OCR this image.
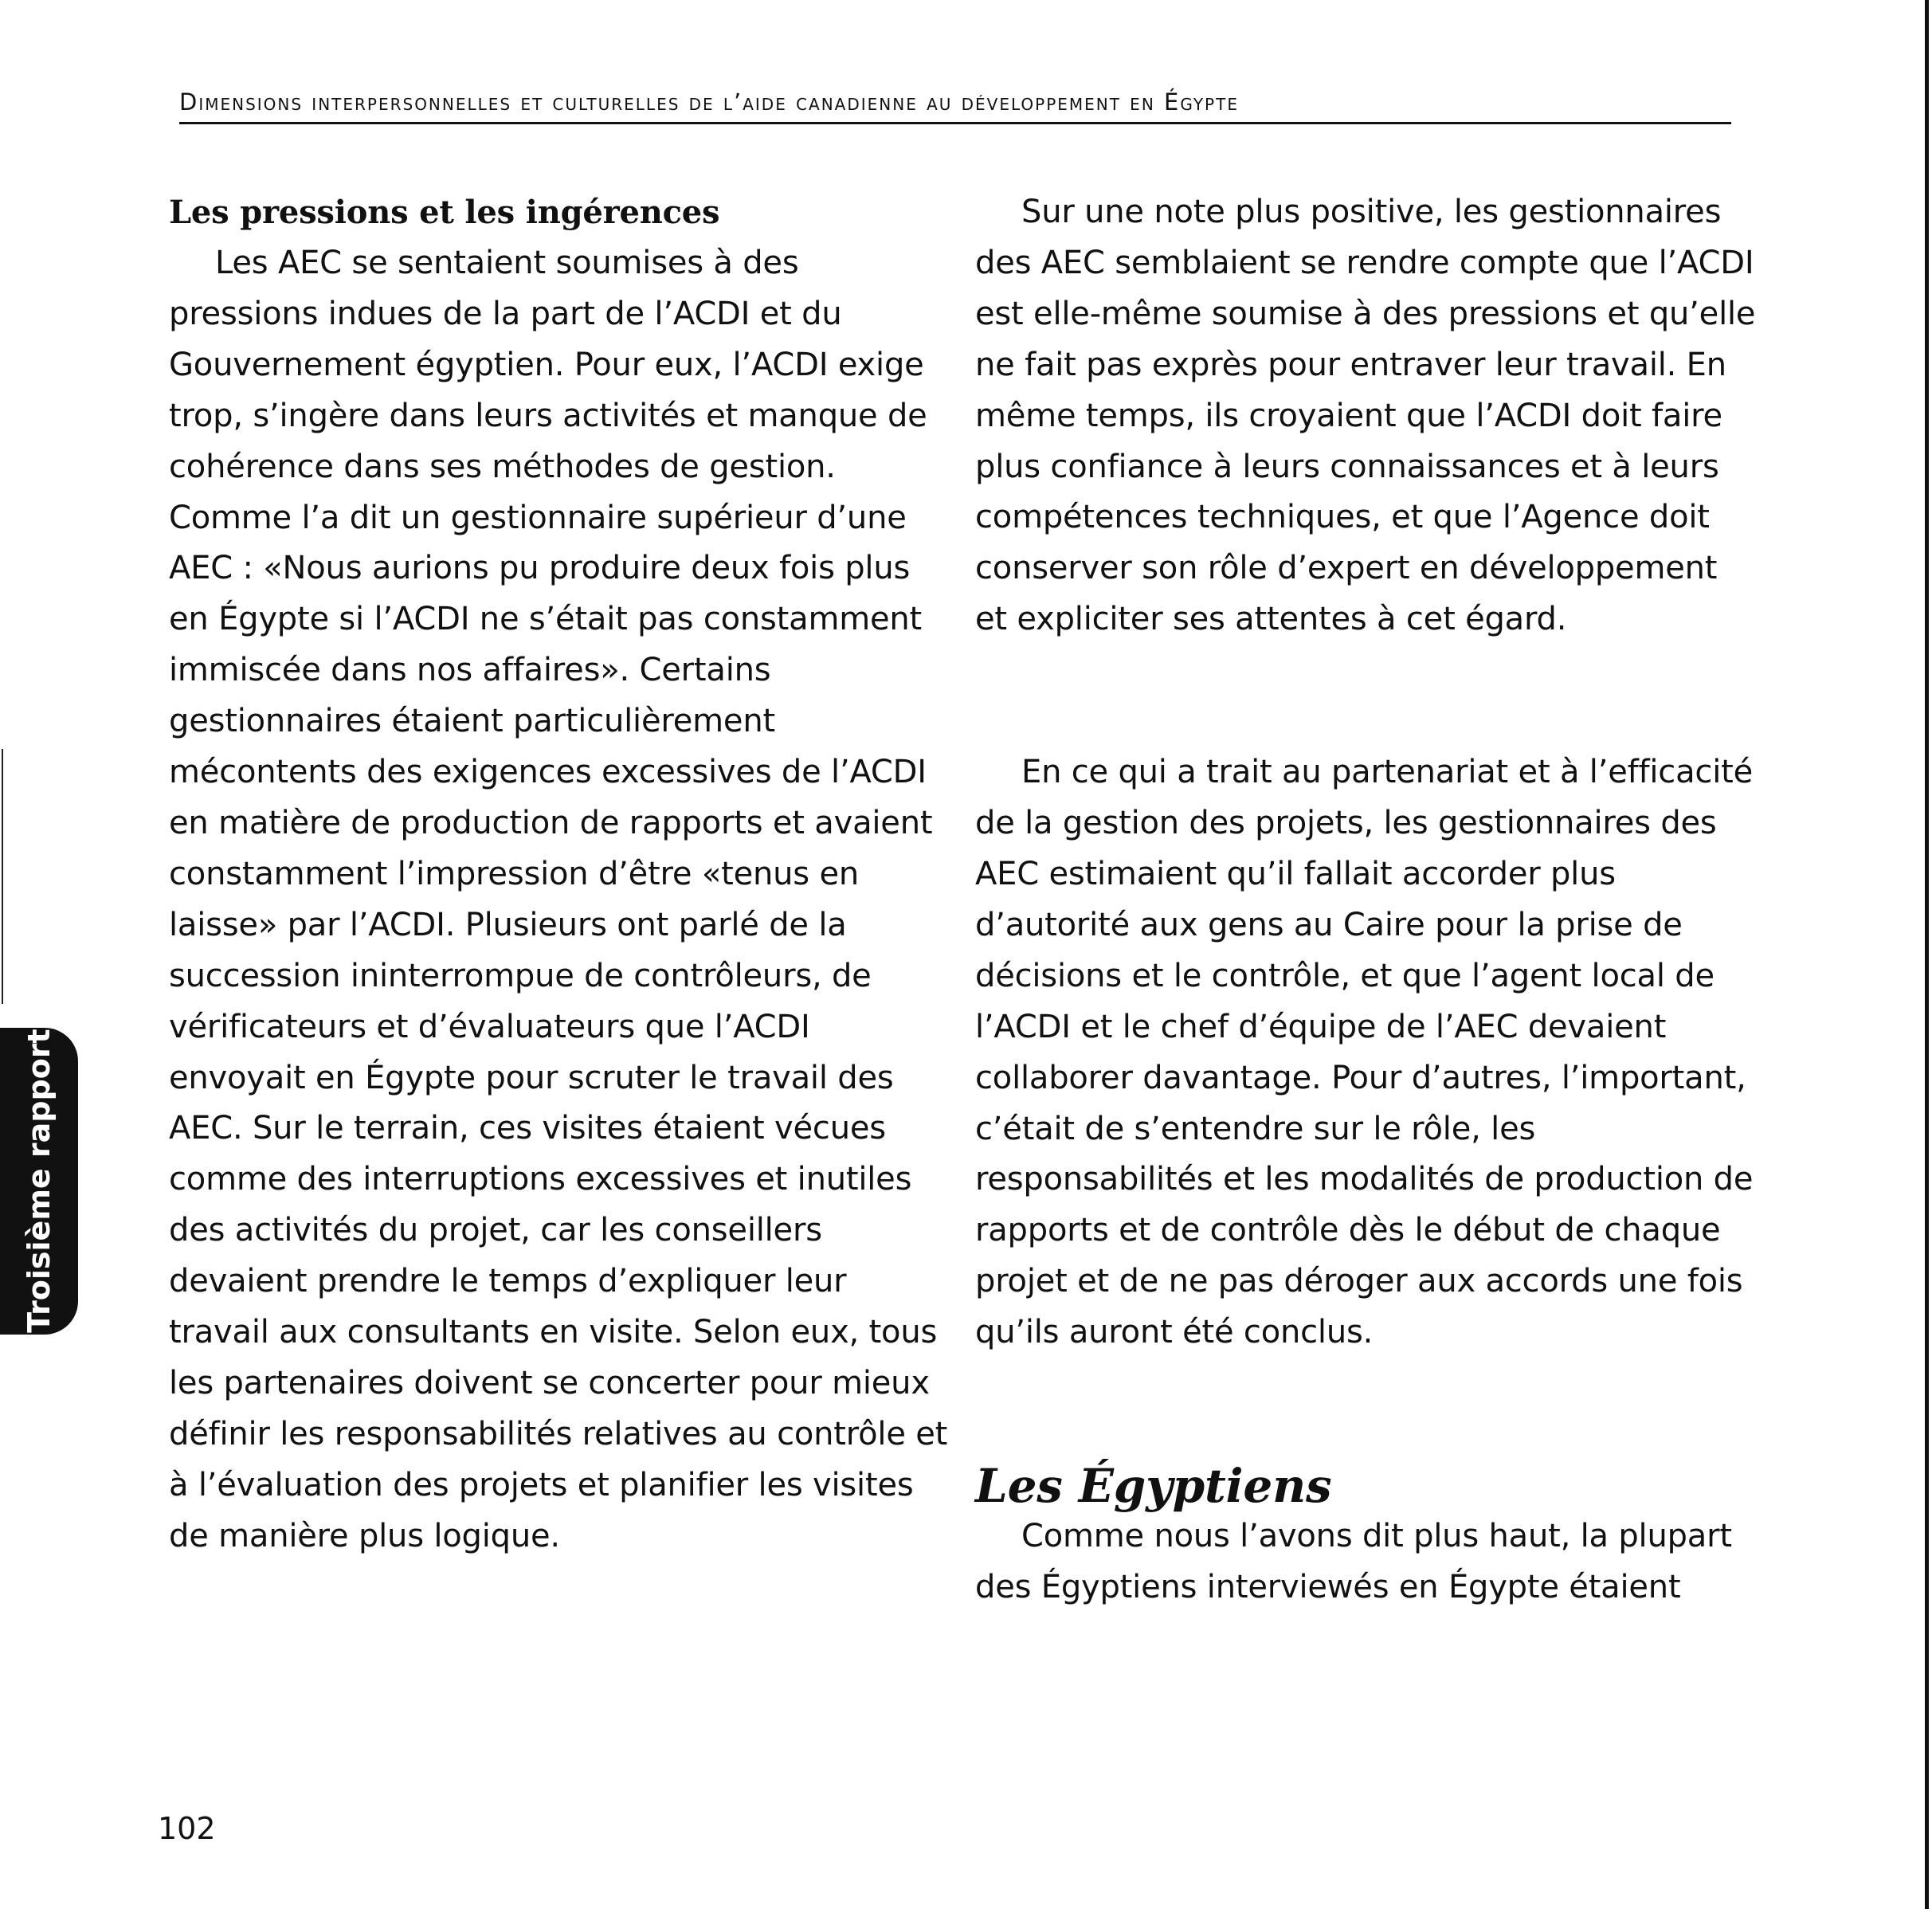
Dimensions interpersonnelles et culturelles de l’aide canadienne au développement en Égypte
Les pressions et les ingérences

Les AEC se sentaient soumises à des pressions indues de la part de l’ACDI et du Gouvernement égyptien. Pour eux, l’ACDI exige trop, s’ingère dans leurs activités et manque de cohérence dans ses méthodes de gestion. Comme l’a dit un gestionnaire supérieur d’une AEC : «Nous aurions pu produire deux fois plus en Égypte si l’ACDI ne s’était pas constamment immiscée dans nos affaires». Certains gestionnaires étaient particulièrement mécontents des exigences excessives de l’ACDI en matière de production de rapports et avaient constamment l’impression d’être «tenus en laisse» par l’ACDI. Plusieurs ont parlé de la succession ininterrompue de contrôleurs, de vérificateurs et d’évaluateurs que l’ACDI envoyait en Égypte pour scruter le travail des AEC. Sur le terrain, ces visites étaient vécues comme des interruptions excessives et inutiles des activités du projet, car les conseillers devaient prendre le temps d’expliquer leur travail aux consultants en visite. Selon eux, tous les partenaires doivent se concerter pour mieux définir les responsabilités relatives au contrôle et à l’évaluation des projets et planifier les visites de manière plus logique.

Sur une note plus positive, les gestionnaires des AEC semblaient se rendre compte que l’ACDI est elle-même soumise à des pressions et qu’elle ne fait pas exprès pour entraver leur travail. En même temps, ils croyaient que l’ACDI doit faire plus confiance à leurs connaissances et à leurs compétences techniques, et que l’Agence doit conserver son rôle d’expert en développement et expliciter ses attentes à cet égard.

En ce qui a trait au partenariat et à l’efficacité de la gestion des projets, les gestionnaires des AEC estimaient qu’il fallait accorder plus d’autorité aux gens au Caire pour la prise de décisions et le contrôle, et que l’agent local de l’ACDI et le chef d’équipe de l’AEC devaient collaborer davantage. Pour d’autres, l’important, c’était de s’entendre sur le rôle, les responsabilités et les modalités de production de rapports et de contrôle dès le début de chaque projet et de ne pas déroger aux accords une fois qu’ils auront été conclus.

Les Égyptiens

Comme nous l’avons dit plus haut, la plupart des Égyptiens interviewés en Égypte étaient

Troisième rapport
102
